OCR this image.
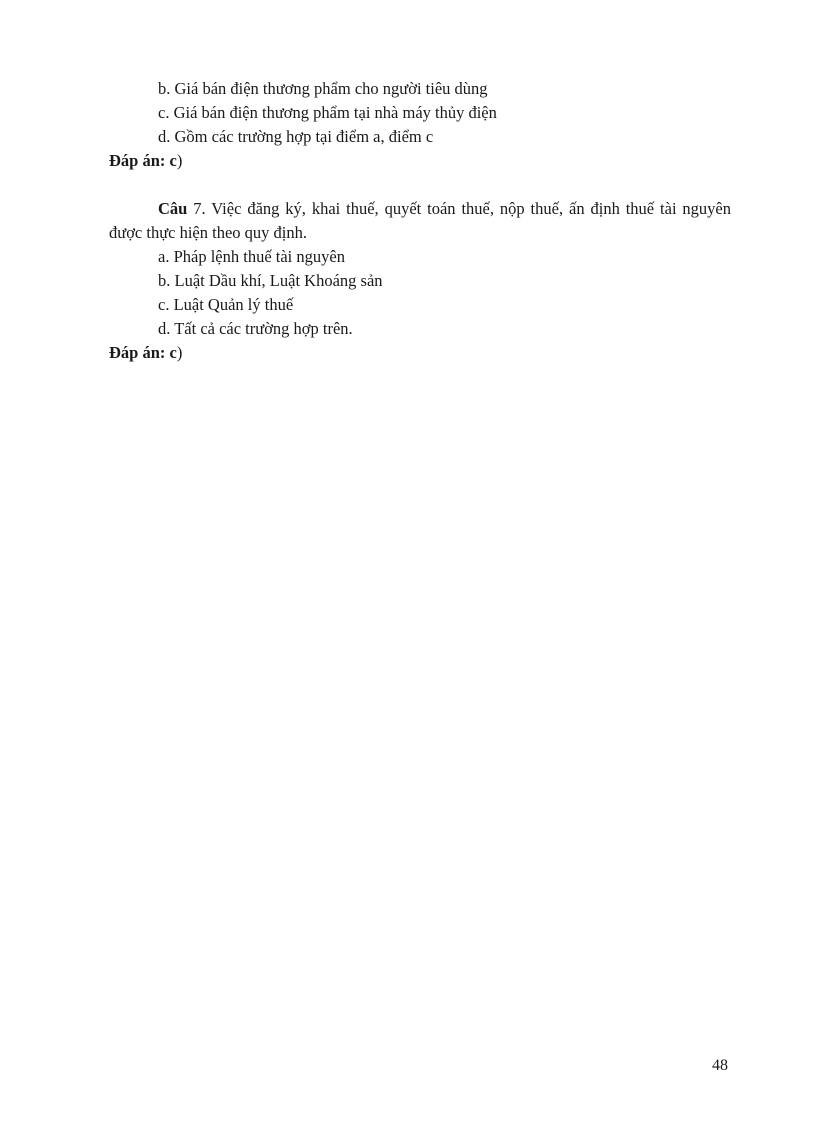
b. Giá bán điện thương phẩm cho người tiêu dùng
c. Giá bán điện thương phẩm tại nhà máy thủy điện
d. Gồm các trường hợp tại điểm a, điểm c
Đáp án: c)
Câu 7. Việc đăng ký, khai thuế, quyết toán thuế, nộp thuế, ấn định thuế tài nguyên được thực hiện theo quy định.
a. Pháp lệnh thuế tài nguyên
b. Luật Dầu khí, Luật Khoáng sản
c. Luật Quản lý thuế
d. Tất cả các trường hợp trên.
Đáp án: c)
48
